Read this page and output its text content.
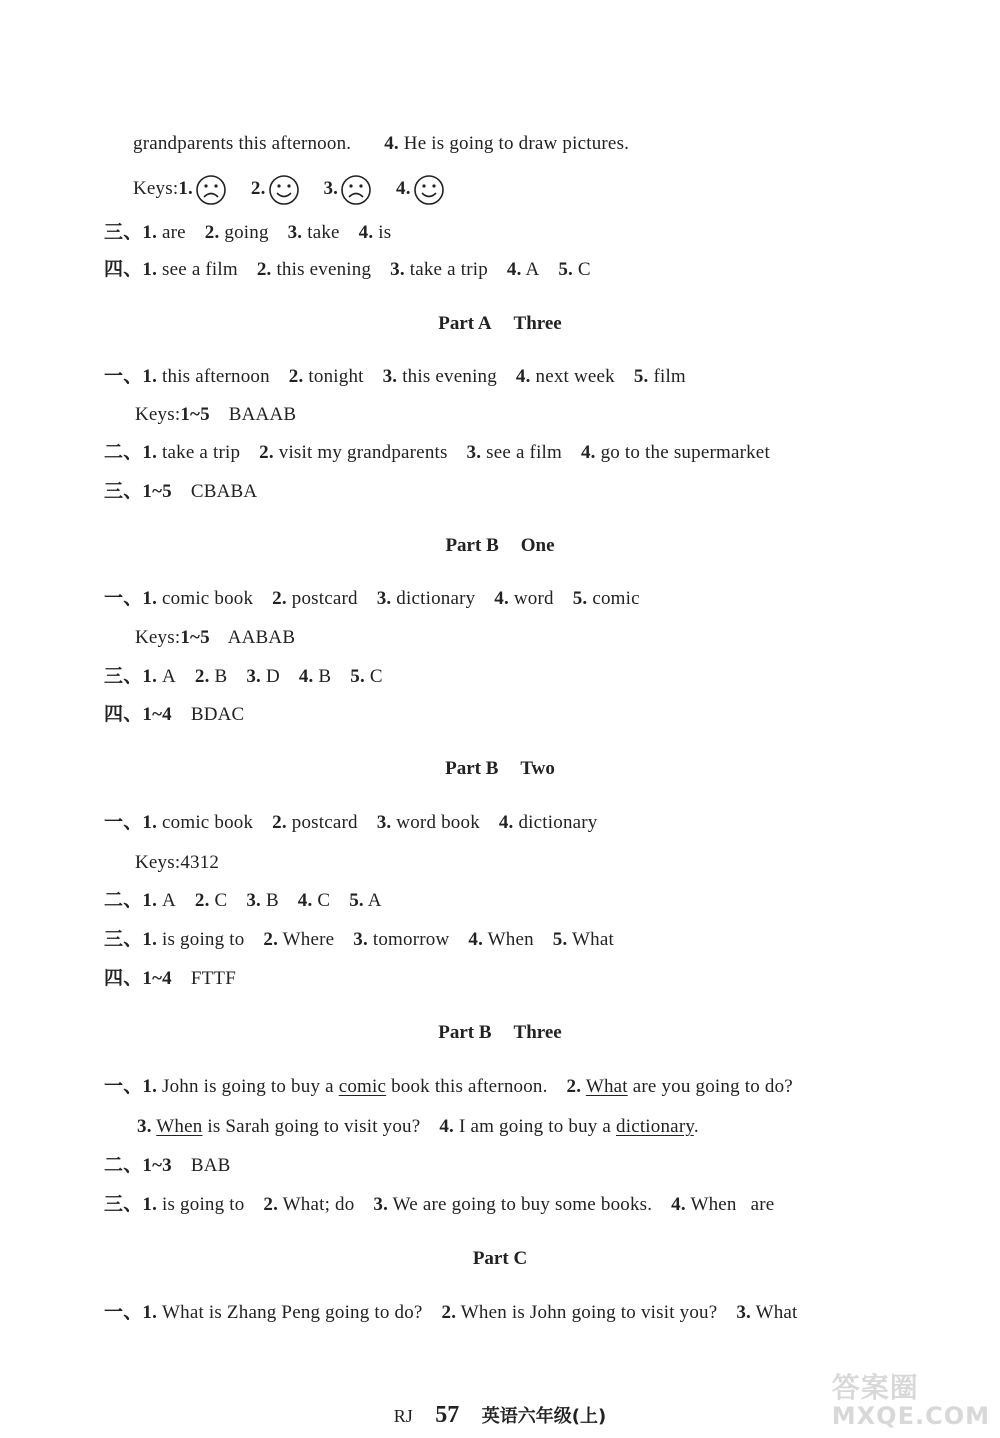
grandparents this afternoon. 4. He is going to draw pictures.
Keys:1.	2.	3.	4.
三、1. are 2. going 3. take 4. is
四、1. see a film 2. this evening 3. take a trip 4. A 5. C
Part A Three
一、1. this afternoon 2. tonight 3. this evening 4. next week 5. film
Keys:1~5 BAAAB
二、1. take a trip 2. visit my grandparents 3. see a film 4. go to the supermarket
三、1~5 CBABA
Part B One
一、1. comic book 2. postcard 3. dictionary 4. word 5. comic
Keys:1~5 AABAB
三、1. A 2. B 3. D 4. B 5. C
四、1~4 BDAC
Part B Two
一、1. comic book 2. postcard 3. word book 4. dictionary
Keys:4312
二、1. A 2. C 3. B 4. C 5. A
三、1. is going to 2. Where 3. tomorrow 4. When 5. What
四、1~4 FTTF
Part B Three
一、1. John is going to buy a comic book this afternoon. 2. What are you going to do?
3. When is Sarah going to visit you? 4. I am going to buy a dictionary.
二、1~3 BAB
三、1. is going to 2. What; do 3. We are going to buy some books. 4. When are
Part C
一、1. What is Zhang Peng going to do? 2. When is John going to visit you? 3. What
RJ 57 英语六年级(上)
答案圈
MXQE.COM
